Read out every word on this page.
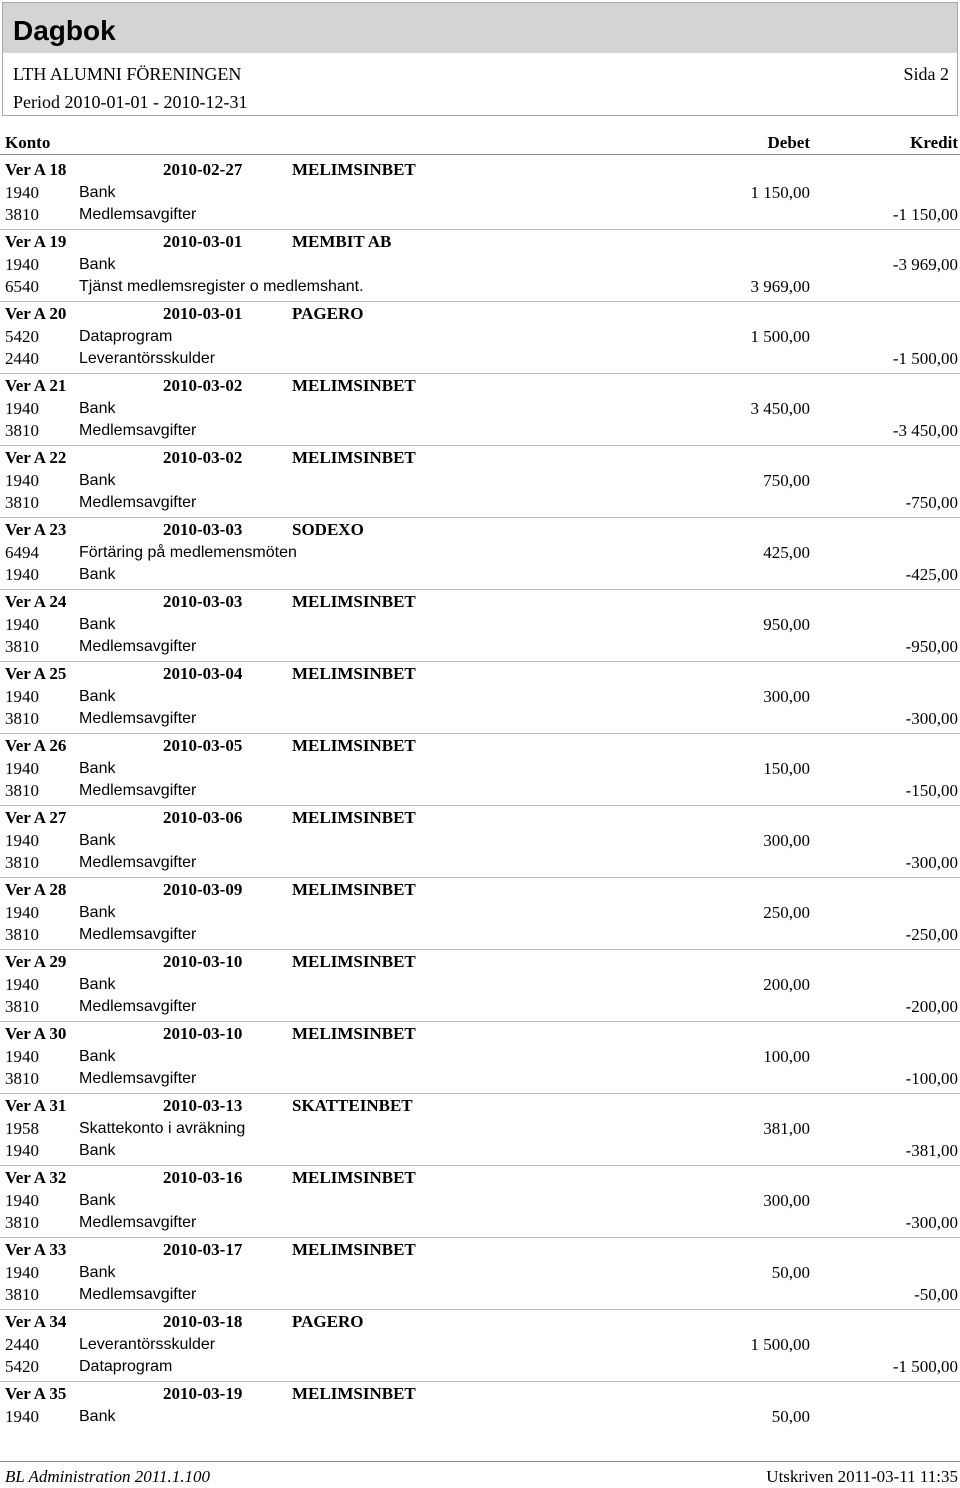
Dagbok
LTH ALUMNI FÖRENINGEN	Sida 2
Period 2010-01-01 - 2010-12-31
Konto	Debet	Kredit
Ver A 18	2010-02-27	MELIMSINBET
1940	Bank	1 150,00
3810	Medlemsavgifter	-1 150,00
Ver A 19	2010-03-01	MEMBIT AB
1940	Bank	-3 969,00
6540	Tjänst medlemsregister o medlemshant.	3 969,00
Ver A 20	2010-03-01	PAGERO
5420	Dataprogram	1 500,00
2440	Leverantörsskulder	-1 500,00
Ver A 21	2010-03-02	MELIMSINBET
1940	Bank	3 450,00
3810	Medlemsavgifter	-3 450,00
Ver A 22	2010-03-02	MELIMSINBET
1940	Bank	750,00
3810	Medlemsavgifter	-750,00
Ver A 23	2010-03-03	SODEXO
6494	Förtäring på medlemensmöten	425,00
1940	Bank	-425,00
Ver A 24	2010-03-03	MELIMSINBET
1940	Bank	950,00
3810	Medlemsavgifter	-950,00
Ver A 25	2010-03-04	MELIMSINBET
1940	Bank	300,00
3810	Medlemsavgifter	-300,00
Ver A 26	2010-03-05	MELIMSINBET
1940	Bank	150,00
3810	Medlemsavgifter	-150,00
Ver A 27	2010-03-06	MELIMSINBET
1940	Bank	300,00
3810	Medlemsavgifter	-300,00
Ver A 28	2010-03-09	MELIMSINBET
1940	Bank	250,00
3810	Medlemsavgifter	-250,00
Ver A 29	2010-03-10	MELIMSINBET
1940	Bank	200,00
3810	Medlemsavgifter	-200,00
Ver A 30	2010-03-10	MELIMSINBET
1940	Bank	100,00
3810	Medlemsavgifter	-100,00
Ver A 31	2010-03-13	SKATTEINBET
1958	Skattekonto i avräkning	381,00
1940	Bank	-381,00
Ver A 32	2010-03-16	MELIMSINBET
1940	Bank	300,00
3810	Medlemsavgifter	-300,00
Ver A 33	2010-03-17	MELIMSINBET
1940	Bank	50,00
3810	Medlemsavgifter	-50,00
Ver A 34	2010-03-18	PAGERO
2440	Leverantörsskulder	1 500,00
5420	Dataprogram	-1 500,00
Ver A 35	2010-03-19	MELIMSINBET
1940	Bank	50,00
BL Administration 2011.1.100	Utskriven 2011-03-11 11:35
